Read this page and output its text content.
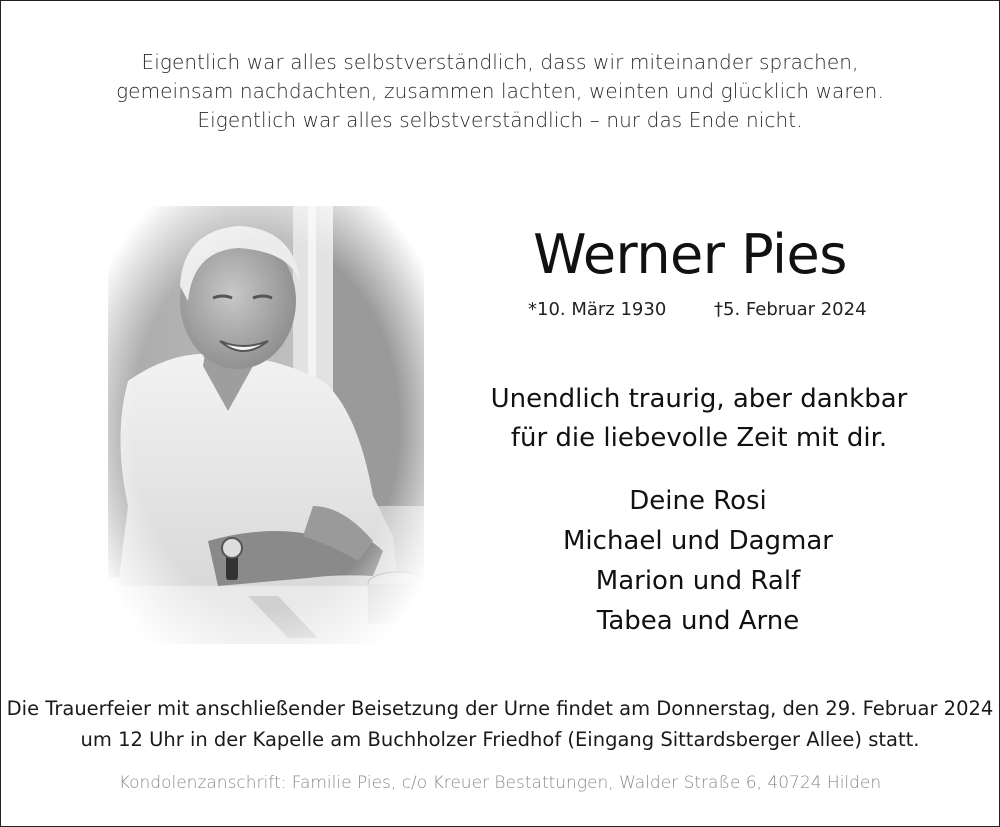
Eigentlich war alles selbstverständlich, dass wir miteinander sprachen,
gemeinsam nachdachten, zusammen lachten, weinten und glücklich waren.
Eigentlich war alles selbstverständlich – nur das Ende nicht.
Werner Pies
*10. März 1930	†5. Februar 2024
Unendlich traurig, aber dankbar
für die liebevolle Zeit mit dir.
Deine Rosi
Michael und Dagmar
Marion und Ralf
Tabea und Arne
Die Trauerfeier mit anschließender Beisetzung der Urne findet am Donnerstag, den 29. Februar 2024
um 12 Uhr in der Kapelle am Buchholzer Friedhof (Eingang Sittardsberger Allee) statt.
Kondolenzanschrift: Familie Pies, c/o Kreuer Bestattungen, Walder Straße 6, 40724 Hilden
